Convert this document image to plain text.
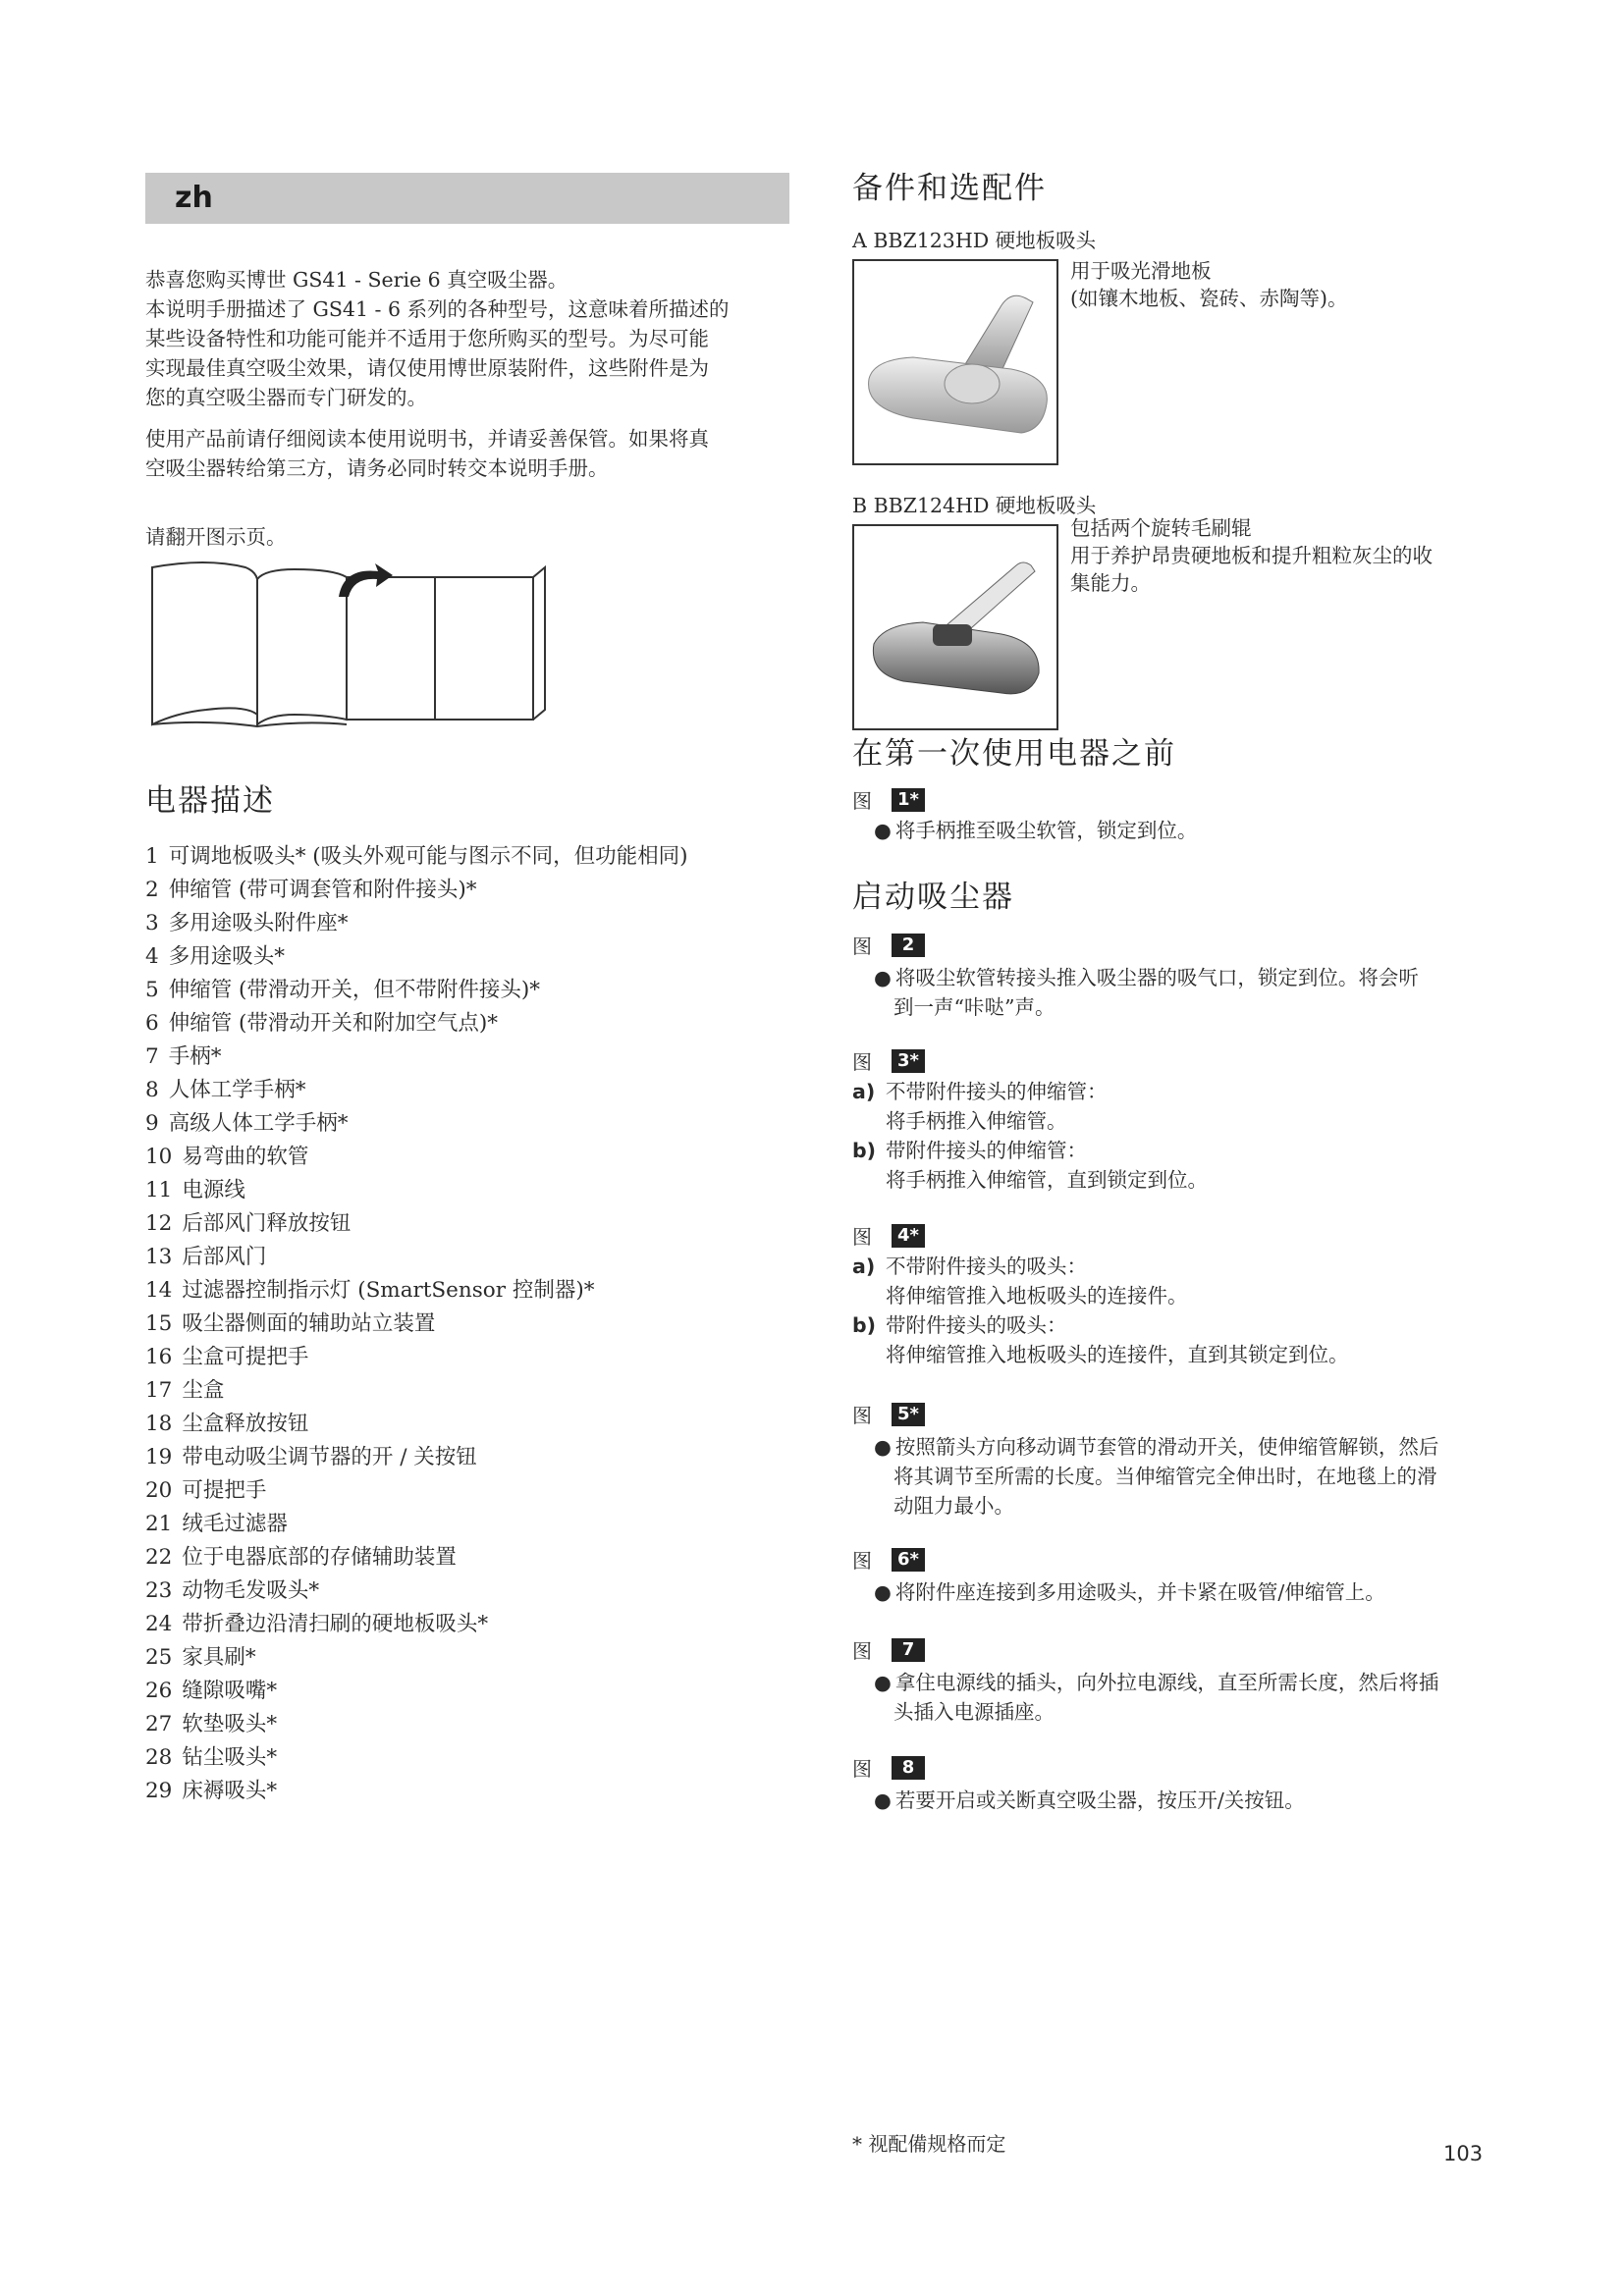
zh

恭喜您购买博世 GS41 - Serie 6 真空吸尘器。

本说明手册描述了 GS41 - 6 系列的各种型号，这意味着所描述的

某些设备特性和功能可能并不适用于您所购买的型号。为尽可能

实现最佳真空吸尘效果，请仅使用博世原装附件，这些附件是为

您的真空吸尘器而专门研发的。

使用产品前请仔细阅读本使用说明书，并请妥善保管。如果将真

空吸尘器转给第三方，请务必同时转交本说明手册。

请翻开图示页。

电器描述
1 可调地板吸头* (吸头外观可能与图示不同，但功能相同)
2 伸缩管 (带可调套管和附件接头)*
3 多用途吸头附件座*
4 多用途吸头*
5 伸缩管 (带滑动开关，但不带附件接头)*
6 伸缩管 (带滑动开关和附加空气点)*
7 手柄*
8 人体工学手柄*
9 高级人体工学手柄*
10 易弯曲的软管
11 电源线
12 后部风门释放按钮
13 后部风门
14 过滤器控制指示灯 (SmartSensor 控制器)*
15 吸尘器侧面的辅助站立装置
16 尘盒可提把手
17 尘盒
18 尘盒释放按钮
19 带电动吸尘调节器的开 / 关按钮
20 可提把手
21 绒毛过滤器
22 位于电器底部的存储辅助装置
23 动物毛发吸头*
24 带折叠边沿清扫刷的硬地板吸头*
25 家具刷*
26 缝隙吸嘴*
27 软垫吸头*
28 钻尘吸头*
29 床褥吸头*
备件和选配件
A BBZ123HD 硬地板吸头
用于吸光滑地板
(如镶木地板、瓷砖、赤陶等)。
B BBZ124HD 硬地板吸头
包括两个旋转毛刷辊
用于养护昂贵硬地板和提升粗粒灰尘的收
集能力。
在第一次使用电器之前
图	1*
● 将手柄推至吸尘软管，锁定到位。
启动吸尘器
图	2
● 将吸尘软管转接头推入吸尘器的吸气口，锁定到位。将会听
到一声“咔哒”声。
图	3*
a) 不带附件接头的伸缩管：
将手柄推入伸缩管。
b) 带附件接头的伸缩管：
将手柄推入伸缩管，直到锁定到位。
图	4*
a) 不带附件接头的吸头：
将伸缩管推入地板吸头的连接件。
b) 带附件接头的吸头：
将伸缩管推入地板吸头的连接件，直到其锁定到位。
图	5*
● 按照箭头方向移动调节套管的滑动开关，使伸缩管解锁，然后
将其调节至所需的长度。当伸缩管完全伸出时，在地毯上的滑
动阻力最小。
图	6*
● 将附件座连接到多用途吸头，并卡紧在吸管/伸缩管上。
图	7
● 拿住电源线的插头，向外拉电源线，直至所需长度，然后将插
头插入电源插座。
图	8
● 若要开启或关断真空吸尘器，按压开/关按钮。
* 视配備规格而定	103
